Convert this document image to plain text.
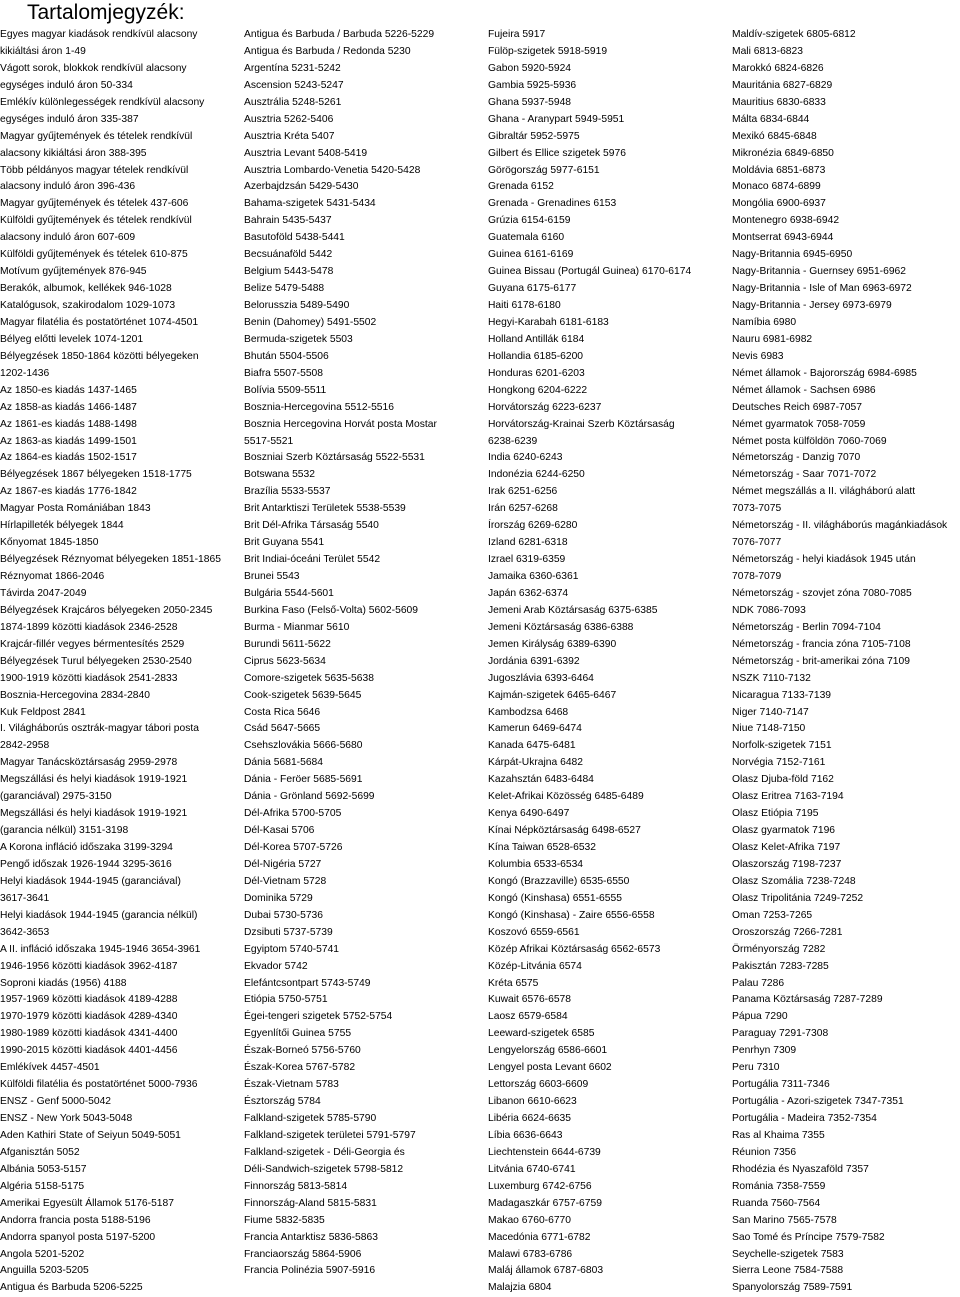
Tartalomjegyzék:
Egyes magyar kiadások rendkívül alacsony
kikiáltási áron 1-49
Vágott sorok, blokkok rendkívül alacsony
egységes induló áron 50-334
Emlékív különlegességek rendkívül alacsony
egységes induló áron 335-387
Magyar gyűjtemények és tételek rendkívül
alacsony kikiáltási áron 388-395
Több példányos magyar tételek rendkívül
alacsony induló áron 396-436
Magyar gyűjtemények és tételek 437-606
Külföldi gyűjtemények és tételek rendkívül
alacsony induló áron 607-609
Külföldi gyűjtemények és tételek 610-875
Motívum gyűjtemények 876-945
Berakók, albumok, kellékek 946-1028
Katalógusok, szakirodalom 1029-1073
Magyar filatélia és postatörténet 1074-4501
Bélyeg előtti levelek 1074-1201
Bélyegzések 1850-1864 közötti bélyegeken
1202-1436
Az 1850-es kiadás 1437-1465
Az 1858-as kiadás 1466-1487
Az 1861-es kiadás 1488-1498
Az 1863-as kiadás 1499-1501
Az 1864-es kiadás 1502-1517
Bélyegzések 1867 bélyegeken 1518-1775
Az 1867-es kiadás 1776-1842
Magyar Posta Romániában 1843
Hírlapilleték bélyegek 1844
Kőnyomat 1845-1850
Bélyegzések Réznyomat bélyegeken 1851-1865
Réznyomat 1866-2046
Távirda 2047-2049
Bélyegzések Krajcáros bélyegeken 2050-2345
1874-1899 közötti kiadások 2346-2528
Krajcár-fillér vegyes bérmentesítés 2529
Bélyegzések Turul bélyegeken 2530-2540
1900-1919 közötti kiadások 2541-2833
Bosznia-Hercegovina 2834-2840
Kuk Feldpost 2841
I. Világháborús osztrák-magyar tábori posta
2842-2958
Magyar Tanácsköztársaság 2959-2978
Megszállási és helyi kiadások 1919-1921
(garanciával) 2975-3150
Megszállási és helyi kiadások 1919-1921
(garancia nélkül) 3151-3198
A Korona infláció időszaka 3199-3294
Pengő időszak 1926-1944 3295-3616
Helyi kiadások 1944-1945 (garanciával)
3617-3641
Helyi kiadások 1944-1945 (garancia nélkül)
3642-3653
A II. infláció időszaka 1945-1946 3654-3961
1946-1956 közötti kiadások 3962-4187
Soproni kiadás (1956) 4188
1957-1969 közötti kiadások 4189-4288
1970-1979 közötti kiadások 4289-4340
1980-1989 közötti kiadások 4341-4400
1990-2015 közötti kiadások 4401-4456
Emlékívek 4457-4501
Külföldi filatélia és postatörténet 5000-7936
ENSZ - Genf 5000-5042
ENSZ - New York 5043-5048
Aden Kathiri State of Seiyun 5049-5051
Afganisztán 5052
Albánia 5053-5157
Algéria 5158-5175
Amerikai Egyesült Államok 5176-5187
Andorra francia posta 5188-5196
Andorra spanyol posta 5197-5200
Angola 5201-5202
Anguilla 5203-5205
Antigua és Barbuda 5206-5225
Antigua és Barbuda / Barbuda 5226-5229
Antigua és Barbuda / Redonda 5230
Argentína 5231-5242
Ascension 5243-5247
Ausztrália 5248-5261
Ausztria 5262-5406
Ausztria Kréta 5407
Ausztria Levant 5408-5419
Ausztria Lombardo-Venetia 5420-5428
Azerbajdzsán 5429-5430
Bahama-szigetek 5431-5434
Bahrain 5435-5437
Basutoföld 5438-5441
Becsuánaföld 5442
Belgium 5443-5478
Belize 5479-5488
Belorusszia 5489-5490
Benin (Dahomey) 5491-5502
Bermuda-szigetek 5503
Bhután 5504-5506
Biafra 5507-5508
Bolívia 5509-5511
Bosznia-Hercegovina 5512-5516
Bosznia Hercegovina Horvát posta Mostar
5517-5521
Boszniai Szerb Köztársaság 5522-5531
Botswana 5532
Brazília 5533-5537
Brit Antarktiszi Területek 5538-5539
Brit Dél-Afrika Társaság 5540
Brit Guyana 5541
Brit Indiai-óceáni Terület 5542
Brunei 5543
Bulgária 5544-5601
Burkina Faso (Felső-Volta) 5602-5609
Burma - Mianmar 5610
Burundi 5611-5622
Ciprus 5623-5634
Comore-szigetek 5635-5638
Cook-szigetek 5639-5645
Costa Rica 5646
Csád 5647-5665
Csehszlovákia 5666-5680
Dánia 5681-5684
Dánia - Feröer 5685-5691
Dánia - Grönland 5692-5699
Dél-Afrika 5700-5705
Dél-Kasai 5706
Dél-Korea 5707-5726
Dél-Nigéria 5727
Dél-Vietnam 5728
Dominika 5729
Dubai 5730-5736
Dzsibuti 5737-5739
Egyiptom 5740-5741
Ekvador 5742
Elefántcsontpart 5743-5749
Etiópia 5750-5751
Égei-tengeri szigetek 5752-5754
Egyenlítői Guinea 5755
Észak-Borneó 5756-5760
Észak-Korea 5767-5782
Észak-Vietnam 5783
Észtország 5784
Falkland-szigetek 5785-5790
Falkland-szigetek területei 5791-5797
Falkland-szigetek - Déli-Georgia és
Déli-Sandwich-szigetek 5798-5812
Finnország 5813-5814
Finnország-Aland 5815-5831
Fiume 5832-5835
Francia Antarktisz 5836-5863
Franciaország 5864-5906
Francia Polinézia 5907-5916
Fujeira 5917
Fülöp-szigetek 5918-5919
Gabon 5920-5924
Gambia 5925-5936
Ghana 5937-5948
Ghana - Aranypart 5949-5951
Gibraltár 5952-5975
Gilbert és Ellice szigetek 5976
Görögország 5977-6151
Grenada 6152
Grenada - Grenadines 6153
Grúzia 6154-6159
Guatemala 6160
Guinea 6161-6169
Guinea Bissau (Portugál Guinea) 6170-6174
Guyana 6175-6177
Haiti 6178-6180
Hegyi-Karabah 6181-6183
Holland Antillák 6184
Hollandia 6185-6200
Honduras 6201-6203
Hongkong 6204-6222
Horvátország 6223-6237
Horvátország-Krainai Szerb Köztársaság
6238-6239
India 6240-6243
Indonézia 6244-6250
Irak 6251-6256
Irán 6257-6268
Írország 6269-6280
Izland 6281-6318
Izrael 6319-6359
Jamaika 6360-6361
Japán 6362-6374
Jemeni Arab Köztársaság 6375-6385
Jemeni Köztársaság 6386-6388
Jemen Királyság 6389-6390
Jordánia 6391-6392
Jugoszlávia 6393-6464
Kajmán-szigetek 6465-6467
Kambodzsa 6468
Kamerun 6469-6474
Kanada 6475-6481
Kárpát-Ukrajna 6482
Kazahsztán 6483-6484
Kelet-Afrikai Közösség 6485-6489
Kenya 6490-6497
Kínai Népköztársaság 6498-6527
Kína Taiwan 6528-6532
Kolumbia 6533-6534
Kongó (Brazzaville) 6535-6550
Kongó (Kinshasa) 6551-6555
Kongó (Kinshasa) - Zaire 6556-6558
Koszovó 6559-6561
Közép Afrikai Köztársaság 6562-6573
Közép-Litvánia 6574
Kréta 6575
Kuwait 6576-6578
Laosz 6579-6584
Leeward-szigetek 6585
Lengyelország 6586-6601
Lengyel posta Levant 6602
Lettország 6603-6609
Libanon 6610-6623
Libéria 6624-6635
Líbia 6636-6643
Liechtenstein 6644-6739
Litvánia 6740-6741
Luxemburg 6742-6756
Madagaszkár 6757-6759
Makao 6760-6770
Macedónia 6771-6782
Malawi 6783-6786
Maláj államok 6787-6803
Malajzia 6804
Maldív-szigetek 6805-6812
Mali 6813-6823
Marokkó 6824-6826
Mauritánia 6827-6829
Mauritius 6830-6833
Málta 6834-6844
Mexikó 6845-6848
Mikronézia 6849-6850
Moldávia 6851-6873
Monaco 6874-6899
Mongólia 6900-6937
Montenegro 6938-6942
Montserrat 6943-6944
Nagy-Britannia 6945-6950
Nagy-Britannia - Guernsey 6951-6962
Nagy-Britannia - Isle of Man 6963-6972
Nagy-Britannia - Jersey 6973-6979
Namíbia 6980
Nauru 6981-6982
Nevis 6983
Német államok - Bajorország 6984-6985
Német államok - Sachsen 6986
Deutsches Reich 6987-7057
Német gyarmatok 7058-7059
Német posta külföldön 7060-7069
Németország - Danzig 7070
Németország - Saar 7071-7072
Német megszállás a II. világháború alatt
7073-7075
Németország - II. világháborús magánkiadások
7076-7077
Németország - helyi kiadások 1945 után
7078-7079
Németország - szovjet zóna 7080-7085
NDK 7086-7093
Németország - Berlin 7094-7104
Németország - francia zóna 7105-7108
Németország - brit-amerikai zóna 7109
NSZK 7110-7132
Nicaragua 7133-7139
Niger 7140-7147
Niue 7148-7150
Norfolk-szigetek 7151
Norvégia 7152-7161
Olasz Djuba-föld 7162
Olasz Eritrea 7163-7194
Olasz Etiópia 7195
Olasz gyarmatok 7196
Olasz Kelet-Afrika 7197
Olaszország 7198-7237
Olasz Szomália 7238-7248
Olasz Tripolitánia 7249-7252
Oman 7253-7265
Oroszország 7266-7281
Örményország 7282
Pakisztán 7283-7285
Palau 7286
Panama Köztársaság 7287-7289
Pápua 7290
Paraguay 7291-7308
Penrhyn 7309
Peru 7310
Portugália 7311-7346
Portugália - Azori-szigetek 7347-7351
Portugália - Madeira 7352-7354
Ras al Khaima 7355
Réunion 7356
Rhodézia és Nyaszaföld 7357
Románia 7358-7559
Ruanda 7560-7564
San Marino 7565-7578
Sao Tomé és Príncipe 7579-7582
Seychelle-szigetek 7583
Sierra Leone 7584-7588
Spanyolország 7589-7591
